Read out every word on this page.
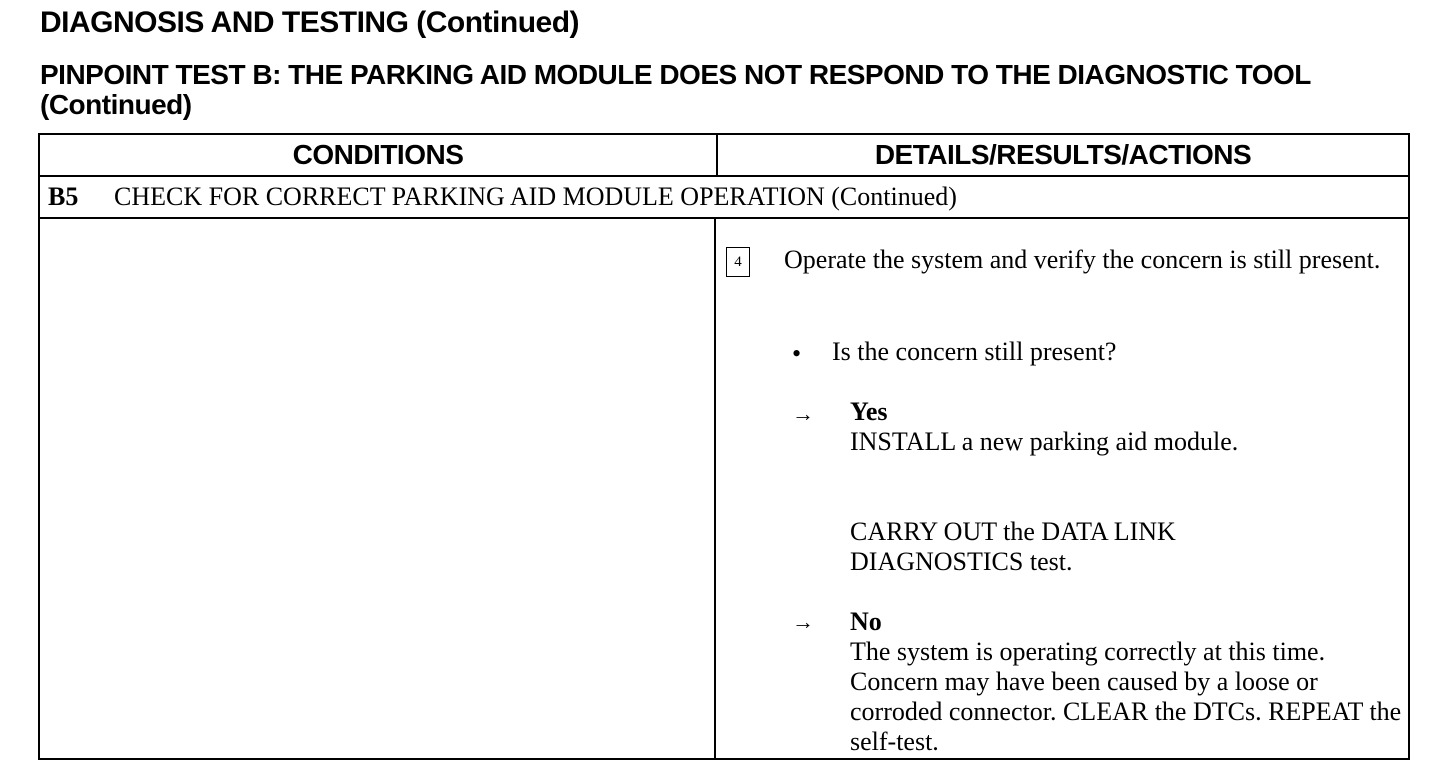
DIAGNOSIS AND TESTING (Continued)
PINPOINT TEST B: THE PARKING AID MODULE DOES NOT RESPOND TO THE DIAGNOSTIC TOOL (Continued)
CONDITIONS	DETAILS/RESULTS/ACTIONS
B5 CHECK FOR CORRECT PARKING AID MODULE OPERATION (Continued)
4	Operate the system and verify the concern is still present.
• Is the concern still present?
→ Yes
INSTALL a new parking aid module.
CARRY OUT the DATA LINK DIAGNOSTICS test.
→ No
The system is operating correctly at this time. Concern may have been caused by a loose or corroded connector. CLEAR the DTCs. REPEAT the self-test.
